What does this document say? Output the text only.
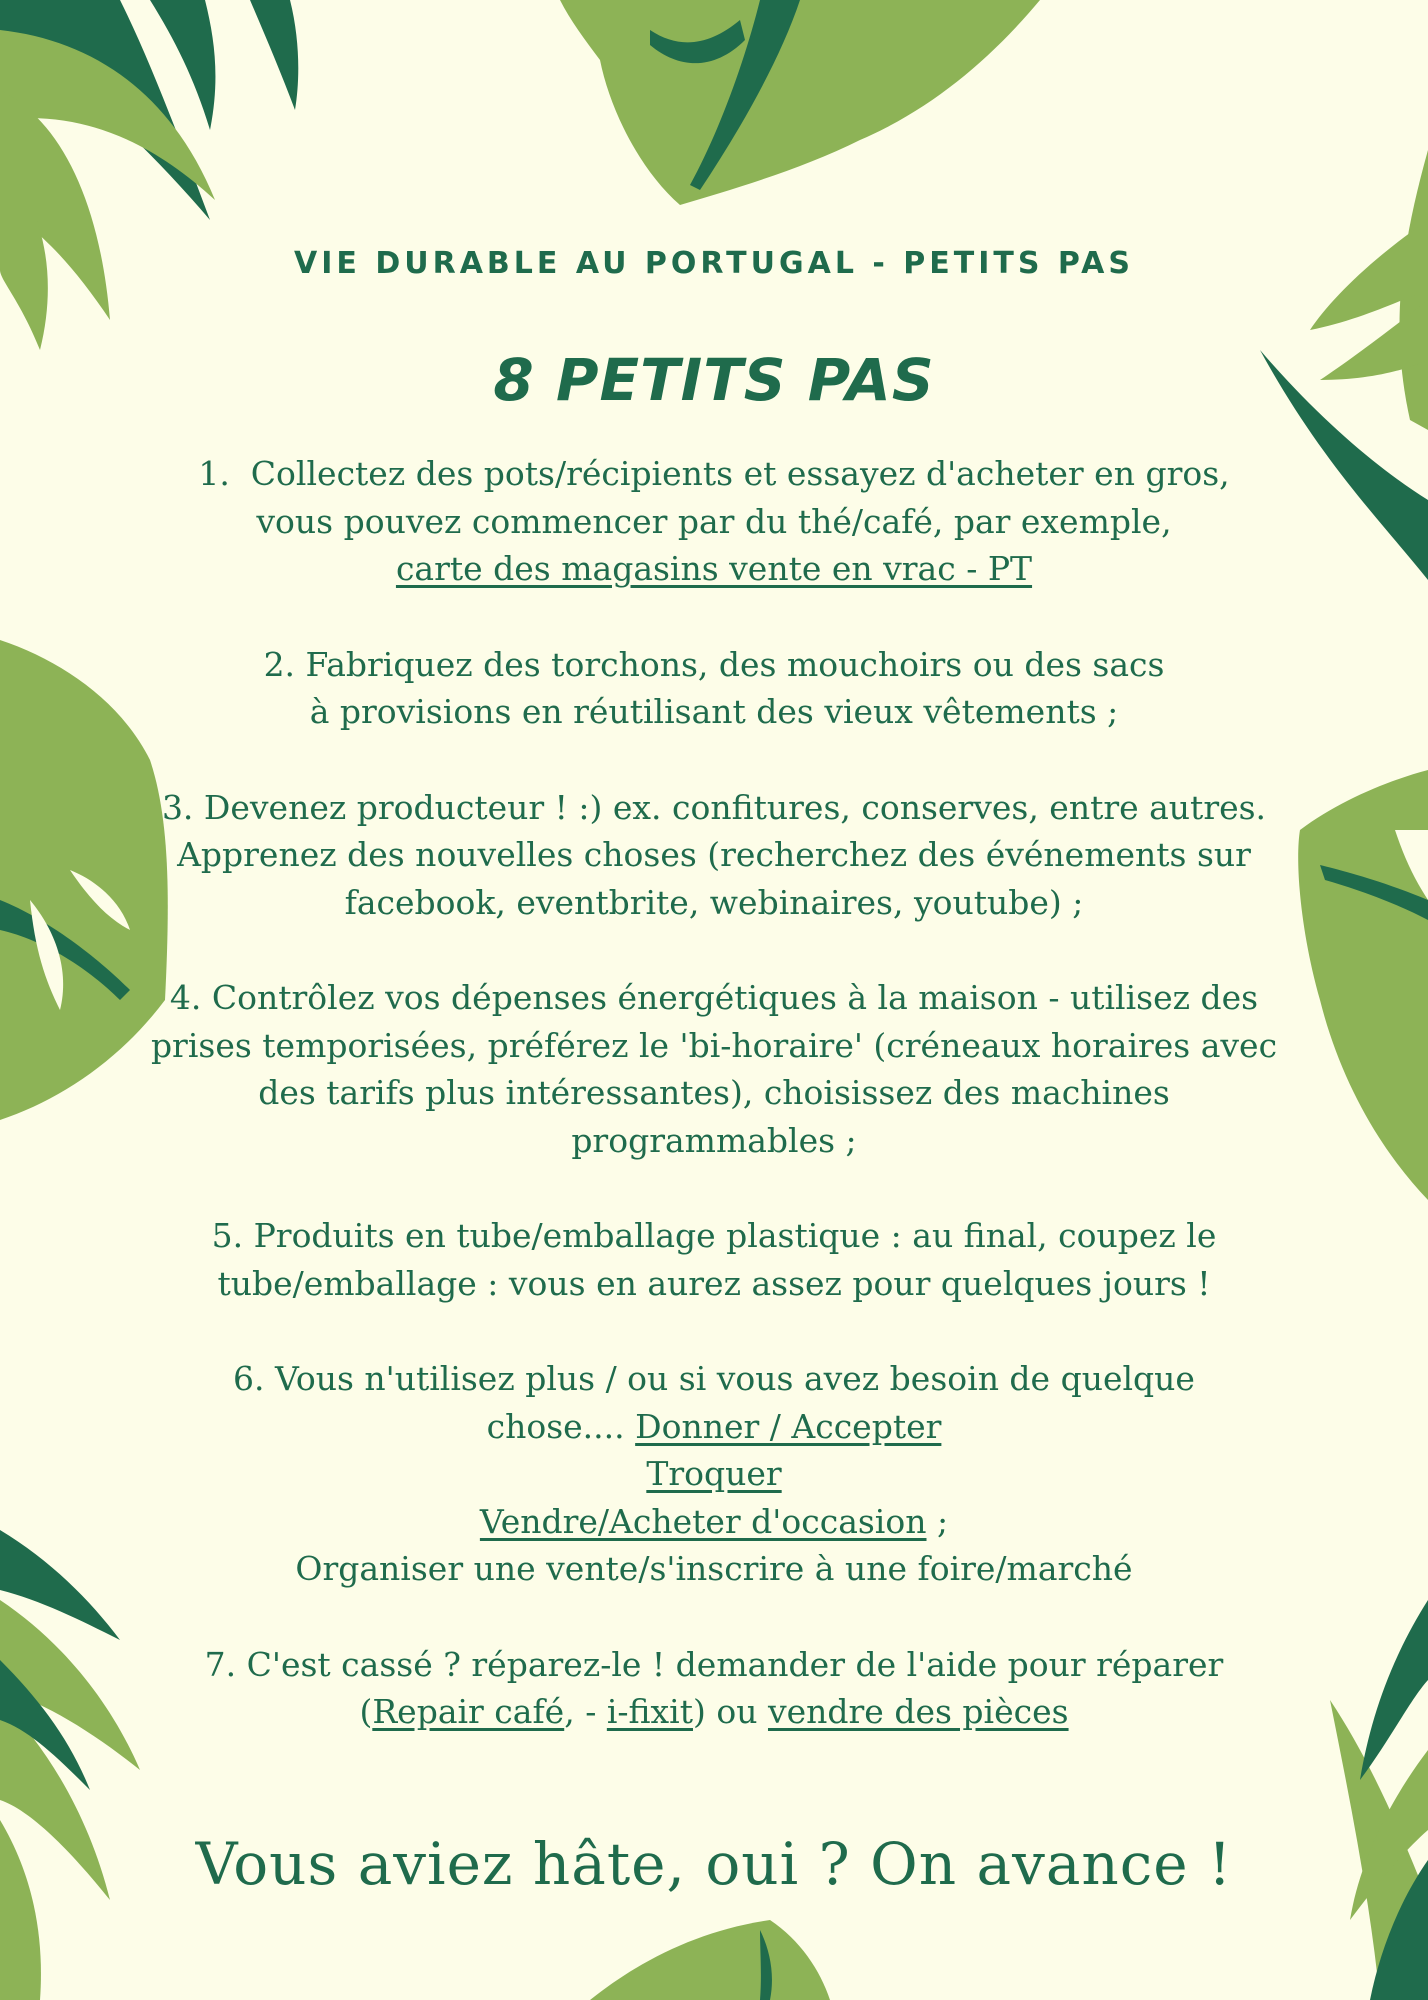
VIE DURABLE AU PORTUGAL - PETITS PAS
8 PETITS PAS

1.  Collectez des pots/récipients et essayez d'acheter en gros,

vous pouvez commencer par du thé/café, par exemple,

carte des magasins vente en vrac - PT

2. Fabriquez des torchons, des mouchoirs ou des sacs à provisions en réutilisant des vieux vêtements ;

3. Devenez producteur ! :) ex. confitures, conserves, entre autres. Apprenez des nouvelles choses (recherchez des événements sur facebook, eventbrite, webinaires, youtube) ;

4. Contrôlez vos dépenses énergétiques à la maison - utilisez des prises temporisées, préférez le 'bi-horaire' (créneaux horaires avec des tarifs plus intéressantes), choisissez des machines programmables ;

5. Produits en tube/emballage plastique : au final, coupez le tube/emballage : vous en aurez assez pour quelques jours !

6. Vous n'utilisez plus / ou si vous avez besoin de quelque

chose.... Donner / Accepter

Troquer

Vendre/Acheter d'occasion ;

Organiser une vente/s'inscrire à une foire/marché

7. C'est cassé ? réparez-le ! demander de l'aide pour réparer

(Repair café, - i-fixit) ou vendre des pièces

Vous aviez hâte, oui ? On avance !
